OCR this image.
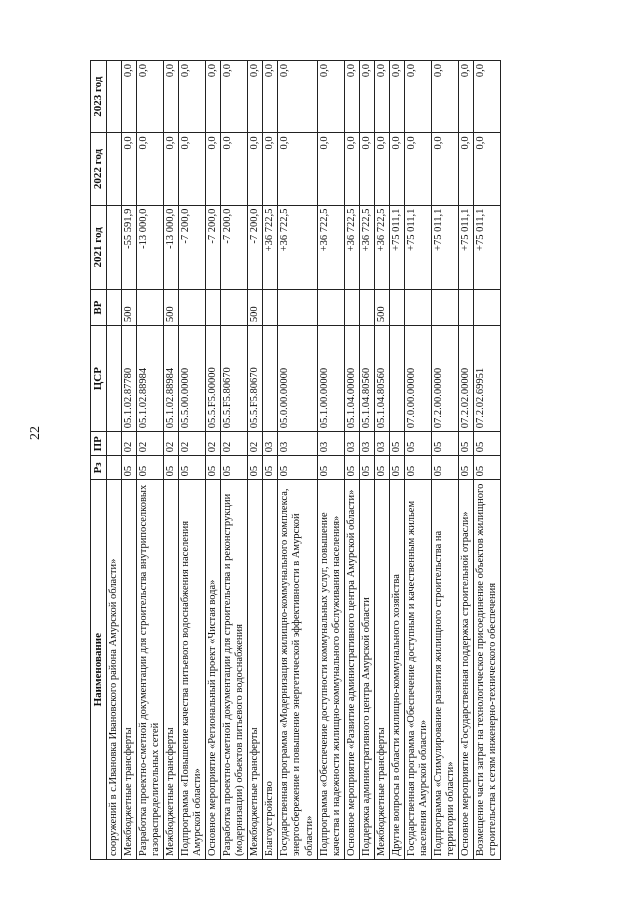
22
Наименование	Рз	ПР	ЦСР	ВР	2021 год	2022 год	2023 год
сооружений в с.Ивановка Ивановского района Амурской области»							
Межбюджетные трансферты	05	02	05.1.02.87780	500	-55 591,9	0,0	0,0
Разработка проектно-сметной документации для строительства внутрипоселковых газораспределительных сетей	05	02	05.1.02.88984		-13 000,0	0,0	0,0
Межбюджетные трансферты	05	02	05.1.02.88984	500	-13 000,0	0,0	0,0
Подпрограмма «Повышение качества питьевого водоснабжения населения Амурской области»	05	02	05.5.00.00000		-7 200,0	0,0	0,0
Основное мероприятие «Региональный проект «Чистая вода»	05	02	05.5.F5.00000		-7 200,0	0,0	0,0
Разработка проектно-сметной документации для строительства и реконструкции (модернизации) объектов питьевого водоснабжения	05	02	05.5.F5.80670		-7 200,0	0,0	0,0
Межбюджетные трансферты	05	02	05.5.F5.80670	500	-7 200,0	0,0	0,0
Благоустройство	05	03			+36 722,5	0,0	0,0
Государственная программа «Модернизация жилищно-коммунального комплекса, энергосбережение и повышение энергетической эффективности в Амурской области»	05	03	05.0.00.00000		+36 722,5	0,0	0,0
Подпрограмма «Обеспечение доступности коммунальных услуг, повышение качества и надежности жилищно-коммунального обслуживания населения»	05	03	05.1.00.00000		+36 722,5	0,0	0,0
Основное мероприятие «Развитие административного центра Амурской области»	05	03	05.1.04.00000		+36 722,5	0,0	0,0
Поддержка административного центра Амурской области	05	03	05.1.04.80560		+36 722,5	0,0	0,0
Межбюджетные трансферты	05	03	05.1.04.80560	500	+36 722,5	0,0	0,0
Другие вопросы в области жилищно-коммунального хозяйства	05	05			+75 011,1	0,0	0,0
Государственная программа «Обеспечение доступным и качественным жильем населения Амурской области»	05	05	07.0.00.00000		+75 011,1	0,0	0,0
Подпрограмма «Стимулирование развития жилищного строительства на территории области»	05	05	07.2.00.00000		+75 011,1	0,0	0,0
Основное мероприятие «Государственная поддержка строительной отрасли»	05	05	07.2.02.00000		+75 011,1	0,0	0,0
Возмещение части затрат на технологическое присоединение объектов жилищного строительства к сетям инженерно-технического обеспечения	05	05	07.2.02.69951		+75 011,1	0,0	0,0
